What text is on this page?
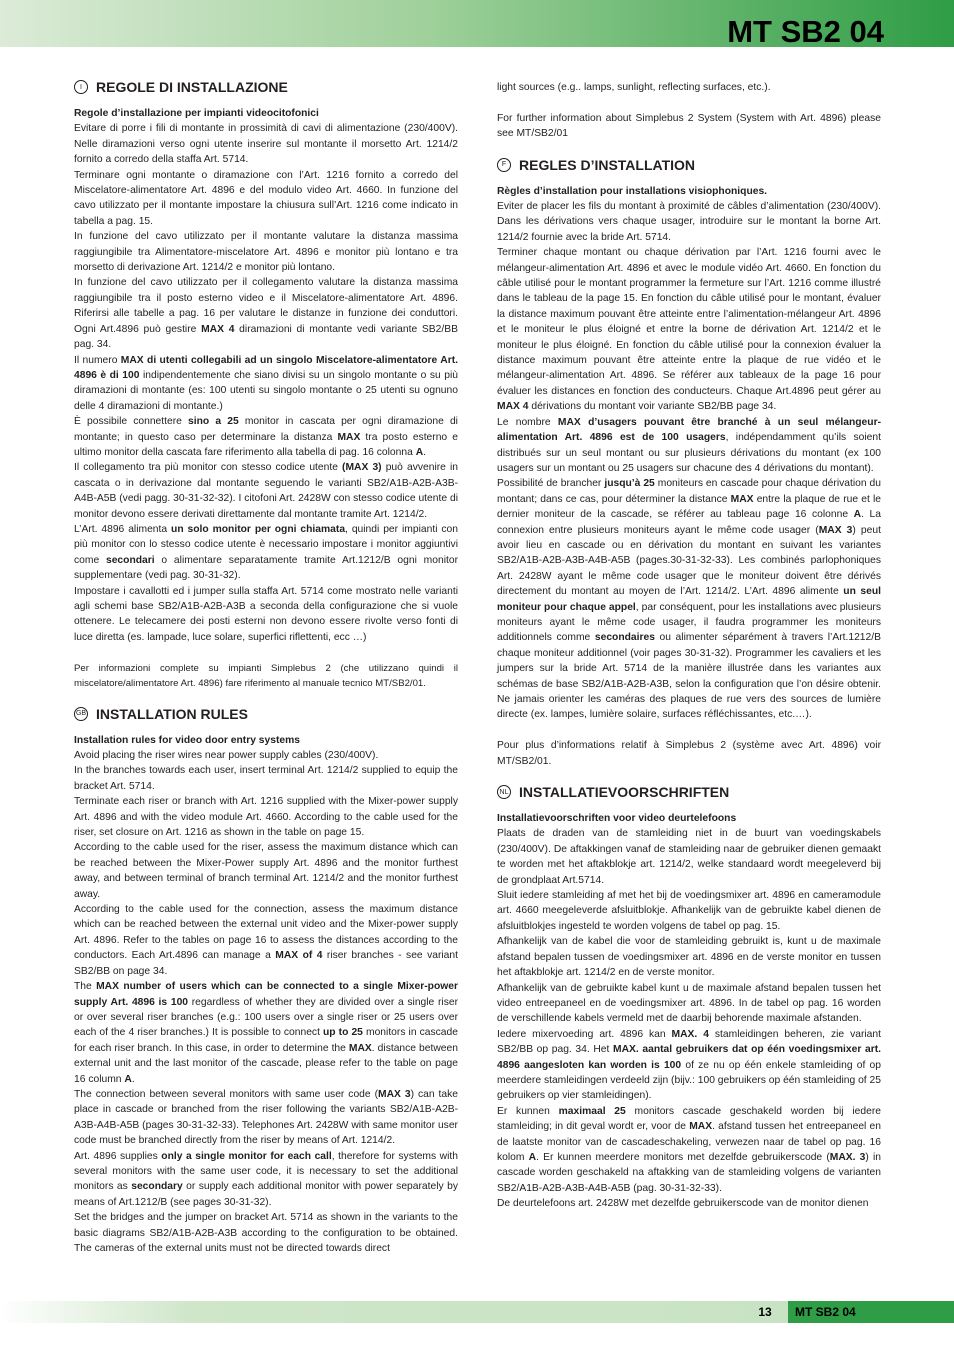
MT SB2 04
I	REGOLE DI INSTALLAZIONE

Regole d’installazione per impianti videocitofonici

Evitare di porre i fili di montante in prossimità di cavi di alimentazione (230/400V). Nelle diramazioni verso ogni utente inserire sul montante il morsetto Art. 1214/2 fornito a corredo della staffa Art. 5714.

Terminare ogni montante o diramazione con l’Art. 1216 fornito a corredo del Miscelatore-alimentatore Art. 4896 e del modulo video Art. 4660. In funzione del cavo utilizzato per il montante impostare la chiusura sull’Art. 1216 come indicato in tabella a pag. 15.

In funzione del cavo utilizzato per il montante valutare la distanza massima raggiungibile tra Alimentatore-miscelatore Art. 4896 e monitor più lontano e tra morsetto di derivazione Art. 1214/2 e monitor più lontano.

In funzione del cavo utilizzato per il collegamento valutare la distanza massima raggiungibile tra il posto esterno video e il Miscelatore-alimentatore Art. 4896. Riferirsi alle tabelle a pag. 16 per valutare le distanze in funzione dei conduttori. Ogni Art.4896 può gestire MAX 4 diramazioni di montante vedi variante SB2/BB pag. 34.

Il numero MAX di utenti collegabili ad un singolo Miscelatore-alimentatore Art. 4896 è di 100 indipendentemente che siano divisi su un singolo montante o su più diramazioni di montante (es: 100 utenti su singolo montante o 25 utenti su ognuno delle 4 diramazioni di montante.)

È possibile connettere sino a 25 monitor in cascata per ogni diramazione di montante; in questo caso per determinare la distanza MAX tra posto esterno e ultimo monitor della cascata fare riferimento alla tabella di pag. 16 colonna A.

Il collegamento tra più monitor con stesso codice utente (MAX 3) può avvenire in cascata o in derivazione dal montante seguendo le varianti SB2/A1B-A2B-A3B-A4B-A5B (vedi pagg. 30-31-32-32). I citofoni Art. 2428W con stesso codice utente di monitor devono essere derivati direttamente dal montante tramite Art. 1214/2.

L’Art. 4896 alimenta un solo monitor per ogni chiamata, quindi per impianti con più monitor con lo stesso codice utente è necessario impostare i monitor aggiuntivi come secondari o alimentare separatamente tramite Art.1212/B ogni monitor supplementare (vedi pag. 30-31-32).

Impostare i cavallotti ed i jumper sulla staffa Art. 5714 come mostrato nelle varianti agli schemi base SB2/A1B-A2B-A3B a seconda della configurazione che si vuole ottenere. Le telecamere dei posti esterni non devono essere rivolte verso fonti di luce diretta (es. lampade, luce solare, superfici riflettenti, ecc …)

Per informazioni complete su impianti Simplebus 2 (che utilizzano quindi il miscelatore/alimentatore Art. 4896) fare riferimento al manuale tecnico MT/SB2/01.

GB INSTALLATION RULES

Installation rules for video door entry systems

Avoid placing the riser wires near power supply cables (230/400V).

In the branches towards each user, insert terminal Art. 1214/2 supplied to equip the bracket Art. 5714.

Terminate each riser or branch with Art. 1216 supplied with the Mixer-power supply Art. 4896 and with the video module Art. 4660. According to the cable used for the riser, set closure on Art. 1216 as shown in the table on page 15.

According to the cable used for the riser, assess the maximum distance which can be reached between the Mixer-Power supply Art. 4896 and the monitor furthest away, and between terminal of branch terminal Art. 1214/2 and the monitor furthest away.

According to the cable used for the connection, assess the maximum distance which can be reached between the external unit video and the Mixer-power supply Art. 4896. Refer to the tables on page 16 to assess the distances according to the conductors. Each Art.4896 can manage a MAX of 4 riser branches - see variant SB2/BB on page 34.

The MAX number of users which can be connected to a single Mixer-power supply Art. 4896 is 100 regardless of whether they are divided over a single riser or over several riser branches (e.g.: 100 users over a single riser or 25 users over each of the 4 riser branches.) It is possible to connect up to 25 monitors in cascade for each riser branch. In this case, in order to determine the MAX. distance between external unit and the last monitor of the cascade, please refer to the table on page 16 column A.

The connection between several monitors with same user code (MAX 3) can take place in cascade or branched from the riser following the variants SB2/A1B-A2B-A3B-A4B-A5B (pages 30-31-32-33). Telephones Art. 2428W with same monitor user code must be branched directly from the riser by means of Art. 1214/2.

Art. 4896 supplies only a single monitor for each call, therefore for systems with several monitors with the same user code, it is necessary to set the additional monitors as secondary or supply each additional monitor with power separately by means of Art.1212/B (see pages 30-31-32).

Set the bridges and the jumper on bracket Art. 5714 as shown in the variants to the basic diagrams SB2/A1B-A2B-A3B according to the configuration to be obtained. The cameras of the external units must not be directed towards direct

light sources (e.g.. lamps, sunlight, reflecting surfaces, etc.).

For further information about Simplebus 2 System (System with Art. 4896) please see MT/SB2/01

F REGLES D’INSTALLATION

Règles d’installation pour installations visiophoniques.

Eviter de placer les fils du montant à proximité de câbles d’alimentation (230/400V). Dans les dérivations vers chaque usager, introduire sur le montant la borne Art. 1214/2 fournie avec la bride Art. 5714.

Terminer chaque montant ou chaque dérivation par l’Art. 1216 fourni avec le mélangeur-alimentation Art. 4896 et avec le module vidéo Art. 4660. En fonction du câble utilisé pour le montant programmer la fermeture sur l’Art. 1216 comme illustré dans le tableau de la page 15. En fonction du câble utilisé pour le montant, évaluer la distance maximum pouvant être atteinte entre l’alimentation-mélangeur Art. 4896 et le moniteur le plus éloigné et entre la borne de dérivation Art. 1214/2 et le moniteur le plus éloigné. En fonction du câble utilisé pour la connexion évaluer la distance maximum pouvant être atteinte entre la plaque de rue vidéo et le mélangeur-alimentation Art. 4896. Se référer aux tableaux de la page 16 pour évaluer les distances en fonction des conducteurs. Chaque Art.4896 peut gérer au MAX 4 dérivations du montant voir variante SB2/BB page 34.

Le nombre MAX d’usagers pouvant être branché à un seul mélangeur-alimentation Art. 4896 est de 100 usagers, indépendamment qu’ils soient distribués sur un seul montant ou sur plusieurs dérivations du montant (ex 100 usagers sur un montant ou 25 usagers sur chacune des 4 dérivations du montant).

Possibilité de brancher jusqu’à 25 moniteurs en cascade pour chaque dérivation du montant; dans ce cas, pour déterminer la distance MAX entre la plaque de rue et le dernier moniteur de la cascade, se référer au tableau page 16 colonne A. La connexion entre plusieurs moniteurs ayant le même code usager (MAX 3) peut avoir lieu en cascade ou en dérivation du montant en suivant les variantes SB2/A1B-A2B-A3B-A4B-A5B (pages.30-31-32-33). Les combinés parlophoniques Art. 2428W ayant le même code usager que le moniteur doivent être dérivés directement du montant au moyen de l’Art. 1214/2. L’Art. 4896 alimente un seul moniteur pour chaque appel, par conséquent, pour les installations avec plusieurs moniteurs ayant le même code usager, il faudra programmer les moniteurs additionnels comme secondaires ou alimenter séparément à travers l’Art.1212/B chaque moniteur additionnel (voir pages 30-31-32). Programmer les cavaliers et les jumpers sur la bride Art. 5714 de la manière illustrée dans les variantes aux schémas de base SB2/A1B-A2B-A3B, selon la configuration que l’on désire obtenir. Ne jamais orienter les caméras des plaques de rue vers des sources de lumière directe (ex. lampes, lumière solaire, surfaces réfléchissantes, etc.…).

Pour plus d’informations relatif à Simplebus 2 (système avec Art. 4896) voir MT/SB2/01.

NL INSTALLATIEVOORSCHRIFTEN

Installatievoorschriften voor video deurtelefoons

Plaats de draden van de stamleiding niet in de buurt van voedingskabels (230/400V). De aftakkingen vanaf de stamleiding naar de gebruiker dienen gemaakt te worden met het aftakblokje art. 1214/2, welke standaard wordt meegeleverd bij de grondplaat Art.5714.

Sluit iedere stamleiding af met het bij de voedingsmixer art. 4896 en cameramodule art. 4660 meegeleverde afsluitblokje. Afhankelijk van de gebruikte kabel dienen de afsluitblokjes ingesteld te worden volgens de tabel op pag. 15.

Afhankelijk van de kabel die voor de stamleiding gebruikt is, kunt u de maximale afstand bepalen tussen de voedingsmixer art. 4896 en de verste monitor en tussen het aftakblokje art. 1214/2 en de verste monitor.

Afhankelijk van de gebruikte kabel kunt u de maximale afstand bepalen tussen het video entreepaneel en de voedingsmixer art. 4896. In de tabel op pag. 16 worden de verschillende kabels vermeld met de daarbij behorende maximale afstanden.

Iedere mixervoeding art. 4896 kan MAX. 4 stamleidingen beheren, zie variant SB2/BB op pag. 34. Het MAX. aantal gebruikers dat op één voedingsmixer art. 4896 aangesloten kan worden is 100 of ze nu op één enkele stamleiding of op meerdere stamleidingen verdeeld zijn (bijv.: 100 gebruikers op één stamleiding of 25 gebruikers op vier stamleidingen).

Er kunnen maximaal 25 monitors cascade geschakeld worden bij iedere stamleiding; in dit geval wordt er, voor de MAX. afstand tussen het entreepaneel en de laatste monitor van de cascadeschakeling, verwezen naar de tabel op pag. 16 kolom A. Er kunnen meerdere monitors met dezelfde gebruikerscode (MAX. 3) in cascade worden geschakeld na aftakking van de stamleiding volgens de varianten SB2/A1B-A2B-A3B-A4B-A5B (pag. 30-31-32-33).

De deurtelefoons art. 2428W met dezelfde gebruikerscode van de monitor dienen

13	MT SB2 04
